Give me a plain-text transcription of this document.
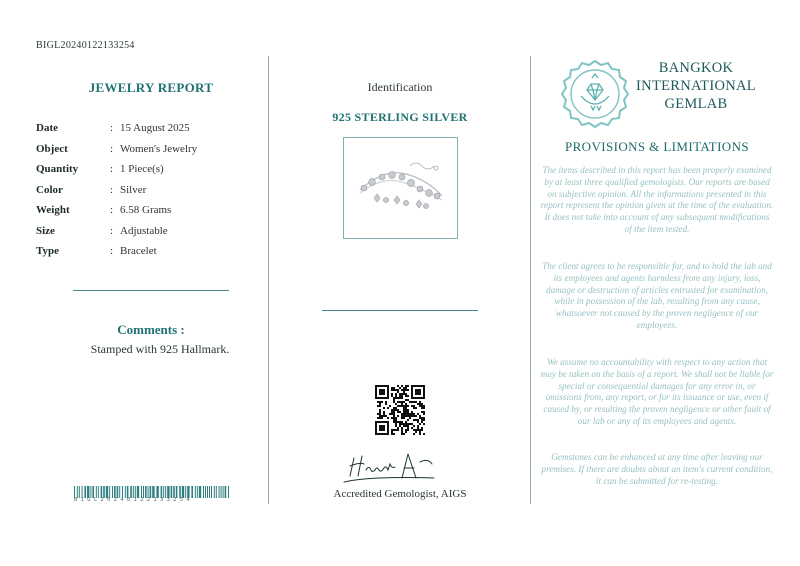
BIGL20240122133254
JEWELRY REPORT
Date	:	15 August 2025
Object	:	Women's Jewelry
Quantity	:	1 Piece(s)
Color	:	Silver
Weight	:	6.58 Grams
Size	:	Adjustable
Type	:	Bracelet
Comments :
Stamped with 925 Hallmark.
BIGL20240122133254
Identification
925 STERLING SILVER
Accredited Gemologist, AIGS
BANGKOK
INTERNATIONAL
GEMLAB
PROVISIONS & LIMITATIONS

The items described in this report has been properly examined by at least three qualified gemologists. Our reports are based on subjective opinion. All the informations presented in this report represent the opinion given at the time of the evaluation. It does not take into account of any subsequent modifications of the item tested.

The client agrees to be responsible for, and to hold the lab and its employees and agents harmless from any injury, loss, damage or destruction of articles entrusted for examination, while in possession of the lab, resulting from any cause, whatsoever not caused by the proven negligence of our employees.

We assume no accountability with respect to any action that may be taken on the basis of a report. We shall not be liable for special or consequential damages for any error in, or omissions from, any report, or for its issuance or use, even if caused by, or resulting the proven negligence or other fault of our lab or any of its employees and agents.

Gemstones can be enhanced at any time after leaving our premises. If there are doubts about an item's current condition, it can be submitted for re-testing.
